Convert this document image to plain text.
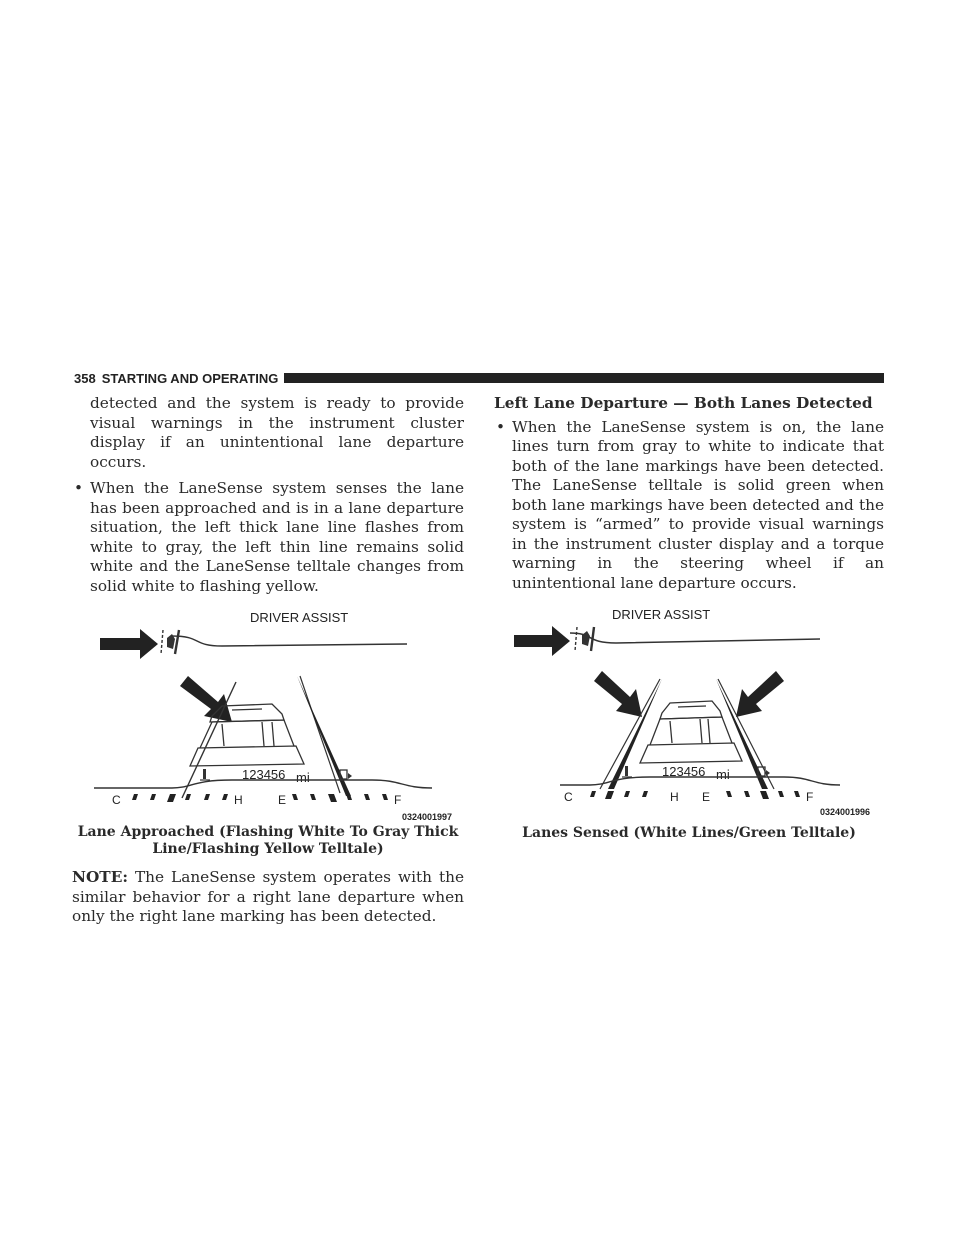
358 STARTING AND OPERATING

detected and the system is ready to provide visual warnings in the instrument cluster display if an unintentional lane departure occurs.

• When the LaneSense system senses the lane has been approached and is in a lane departure situation, the left thick lane line flashes from white to gray, the left thin line remains solid white and the LaneSense telltale changes from solid white to flashing yellow.
DRIVER ASSIST
123456 mi
C	H	E	F
0324001997
Lane Approached (Flashing White To Gray Thick
Line/Flashing Yellow Telltale)

NOTE: The LaneSense system operates with the similar behavior for a right lane departure when only the right lane marking has been detected.

Left Lane Departure — Both Lanes Detected
• When the LaneSense system is on, the lane lines turn from gray to white to indicate that both of the lane markings have been detected. The LaneSense telltale is solid green when both lane markings have been detected and the system is “armed” to provide visual warnings in the instrument cluster display and a torque warning in the steering wheel if an unintentional lane departure occurs.
DRIVER ASSIST
123456 mi
C	H E	F
0324001996
Lanes Sensed (White Lines/Green Telltale)
